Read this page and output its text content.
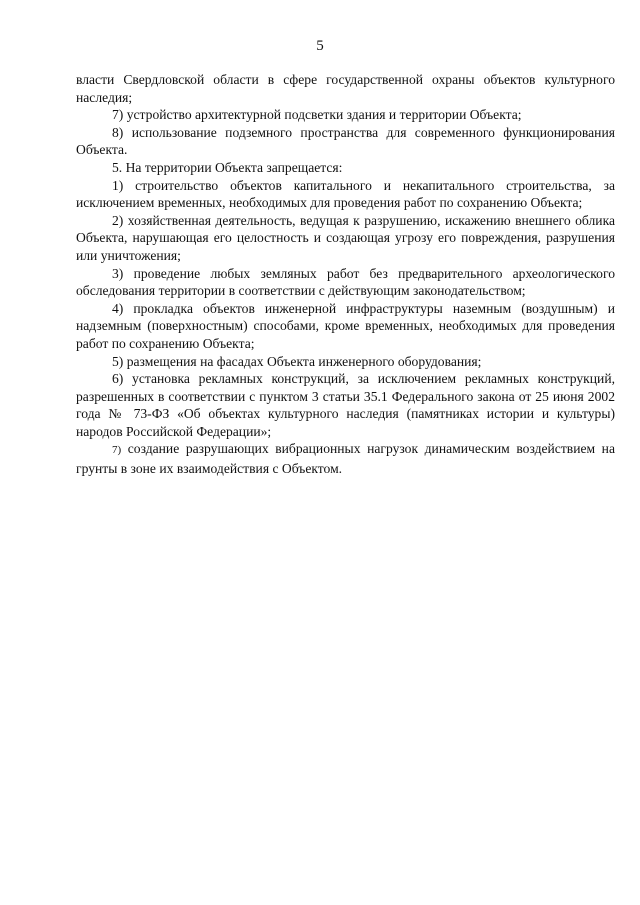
5

власти Свердловской области в сфере государственной охраны объектов культурного наследия;

7) устройство архитектурной подсветки здания и территории Объекта;

8) использование подземного пространства для современного функционирования Объекта.

5. На территории Объекта запрещается:

1) строительство объектов капитального и некапитального строительства, за исключением временных, необходимых для проведения работ по сохранению Объекта;

2) хозяйственная деятельность, ведущая к разрушению, искажению внешнего облика Объекта, нарушающая его целостность и создающая угрозу его повреждения, разрушения или уничтожения;

3) проведение любых земляных работ без предварительного археологического обследования территории в соответствии с действующим законодательством;

4) прокладка объектов инженерной инфраструктуры наземным (воздушным) и надземным (поверхностным) способами, кроме временных, необходимых для проведения работ по сохранению Объекта;

5) размещения на фасадах Объекта инженерного оборудования;

6) установка рекламных конструкций, за исключением рекламных конструкций, разрешенных в соответствии с пунктом 3 статьи 35.1 Федерального закона от 25 июня 2002 года № 73-ФЗ «Об объектах культурного наследия (памятниках истории и культуры) народов Российской Федерации»;

7) создание разрушающих вибрационных нагрузок динамическим воздействием на грунты в зоне их взаимодействия с Объектом.
